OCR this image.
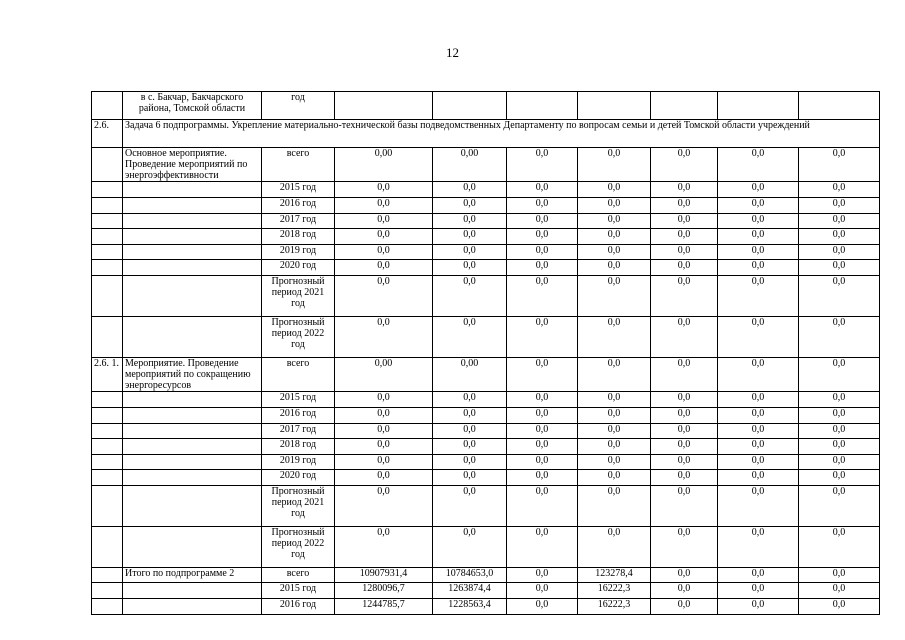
12
	в с. Бакчар, Бакчарского района, Томской области	год							
2.6.	Задача 6 подпрограммы. Укрепление материально-технической базы подведомственных Департаменту по вопросам семьи и детей Томской области учреждений								
	Основное мероприятие. Проведение мероприятий по энергоэффективности	всего	0,00	0,00	0,0	0,0	0,0	0,0	0,0
		2015 год	0,0	0,0	0,0	0,0	0,0	0,0	0,0
		2016 год	0,0	0,0	0,0	0,0	0,0	0,0	0,0
		2017 год	0,0	0,0	0,0	0,0	0,0	0,0	0,0
		2018 год	0,0	0,0	0,0	0,0	0,0	0,0	0,0
		2019 год	0,0	0,0	0,0	0,0	0,0	0,0	0,0
		2020 год	0,0	0,0	0,0	0,0	0,0	0,0	0,0
		Прогнозный период 2021 год	0,0	0,0	0,0	0,0	0,0	0,0	0,0
		Прогнозный период 2022 год	0,0	0,0	0,0	0,0	0,0	0,0	0,0
2.6. 1.	Мероприятие. Проведение мероприятий по сокращению энергоресурсов	всего	0,00	0,00	0,0	0,0	0,0	0,0	0,0
		2015 год	0,0	0,0	0,0	0,0	0,0	0,0	0,0
		2016 год	0,0	0,0	0,0	0,0	0,0	0,0	0,0
		2017 год	0,0	0,0	0,0	0,0	0,0	0,0	0,0
		2018 год	0,0	0,0	0,0	0,0	0,0	0,0	0,0
		2019 год	0,0	0,0	0,0	0,0	0,0	0,0	0,0
		2020 год	0,0	0,0	0,0	0,0	0,0	0,0	0,0
		Прогнозный период 2021 год	0,0	0,0	0,0	0,0	0,0	0,0	0,0
		Прогнозный период 2022 год	0,0	0,0	0,0	0,0	0,0	0,0	0,0
	Итого по подпрограмме 2	всего	10907931,4	10784653,0	0,0	123278,4	0,0	0,0	0,0
		2015 год	1280096,7	1263874,4	0,0	16222,3	0,0	0,0	0,0
		2016 год	1244785,7	1228563,4	0,0	16222,3	0,0	0,0	0,0
